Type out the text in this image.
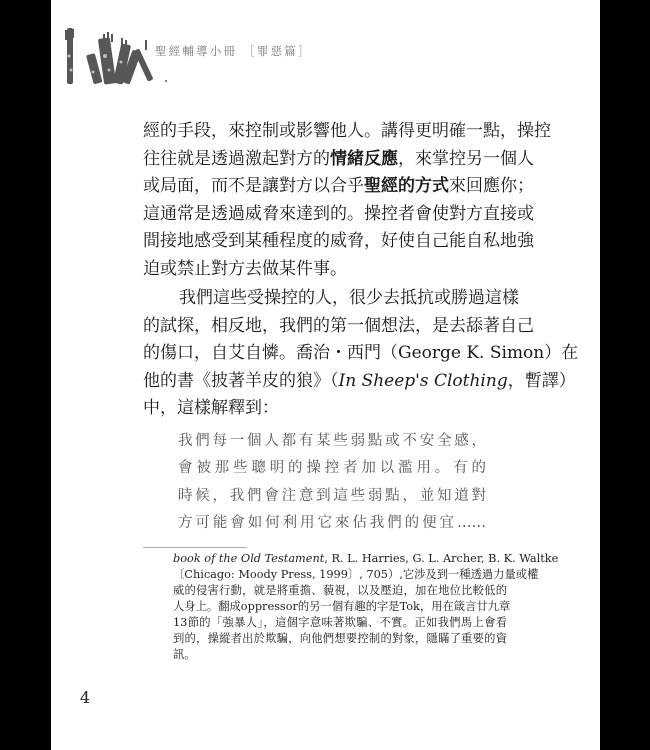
聖經輔導小冊 ［罪惡篇］
經的手段，來控制或影響他人。講得更明確一點，操控
往往就是透過激起對方的情緒反應，來掌控另一個人
或局面，而不是讓對方以合乎聖經的方式來回應你；
這通常是透過威脅來達到的。操控者會使對方直接或
間接地感受到某種程度的威脅，好使自己能自私地強
迫或禁止對方去做某件事。
我們這些受操控的人，很少去抵抗或勝過這樣
的試探，相反地，我們的第一個想法，是去舔著自己
的傷口，自艾自憐。喬治・西門（George K. Simon）在
他的書《披著羊皮的狼》（In Sheep's Clothing，暫譯）
中，這樣解釋到：
我們每一個人都有某些弱點或不安全感，
會被那些聰明的操控者加以濫用。有的
時候，我們會注意到這些弱點，並知道對
方可能會如何利用它來佔我們的便宜……
book of the Old Testament, R. L. Harries, G. L. Archer, B. K. Waltke
〔Chicago: Moody Press, 1999〕, 705）,它涉及到一種透過力量或權
威的侵害行動，就是將重擔、藐視，以及壓迫，加在地位比較低的
人身上。翻成oppressor的另一個有趣的字是Tok，用在箴言廿九章
13節的「強暴人」，這個字意味著欺騙、不實。正如我們馬上會看
到的，操縱者出於欺騙，向他們想要控制的對象，隱瞞了重要的資
訊。
4
